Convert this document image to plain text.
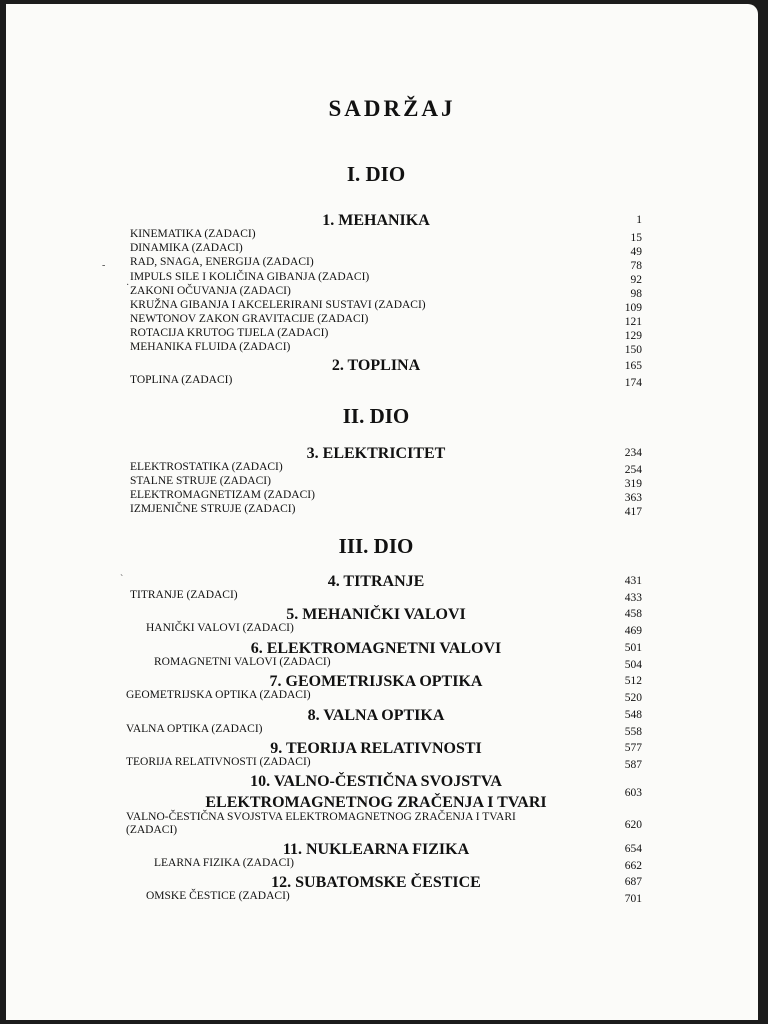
SADRŽAJ
I. DIO
1. MEHANIKA	1
KINEMATIKA (ZADACI)	15
DINAMIKA (ZADACI)	49
RAD, SNAGA, ENERGIJA (ZADACI)	78
IMPULS SILE I KOLIČINA GIBANJA (ZADACI)	92
ZAKONI OČUVANJA (ZADACI)	98
KRUŽNA GIBANJA I AKCELERIRANI SUSTAVI (ZADACI)	109
NEWTONOV ZAKON GRAVITACIJE (ZADACI)	121
ROTACIJA KRUTOG TIJELA (ZADACI)	129
MEHANIKA FLUIDA (ZADACI)	150
2. TOPLINA	165
TOPLINA (ZADACI)	174
II. DIO
3. ELEKTRICITET	234
ELEKTROSTATIKA (ZADACI)	254
STALNE STRUJE (ZADACI)	319
ELEKTROMAGNETIZAM (ZADACI)	363
IZMJENIČNE STRUJE (ZADACI)	417
III. DIO
4. TITRANJE	431
TITRANJE (ZADACI)	433
5. MEHANIČKI VALOVI	458
HANIČKI VALOVI (ZADACI)	469
6. ELEKTROMAGNETNI VALOVI	501
ROMAGNETNI VALOVI (ZADACI)	504
7. GEOMETRIJSKA OPTIKA	512
GEOMETRIJSKA OPTIKA (ZADACI)	520
8. VALNA OPTIKA	548
VALNA OPTIKA (ZADACI)	558
9. TEORIJA RELATIVNOSTI	577
TEORIJA RELATIVNOSTI (ZADACI)	587
10. VALNO-ČESTIČNA SVOJSTVA
ELEKTROMAGNETNOG ZRAČENJA I TVARI
603
VALNO-ČESTIČNA SVOJSTVA ELEKTROMAGNETNOG ZRAČENJA I TVARI (ZADACI)	620
11. NUKLEARNA FIZIKA	654
LEARNA FIZIKA (ZADACI)	662
12. SUBATOMSKE ČESTICE	687
OMSKE ČESTICE (ZADACI)	701
-
·
`
